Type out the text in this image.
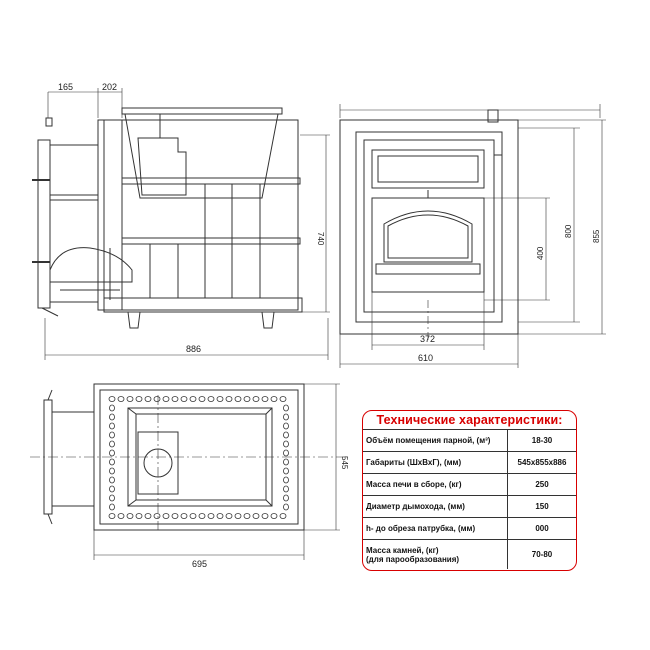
165	202
740
886
610
372
400
800 855
695
545
Технические характеристики:
Объём помещения парной, (м³)	18-30
Габариты (ШхВхГ), (мм)	545х855х886
Масса печи в сборе, (кг)	250
Диаметр дымохода, (мм)	150
h- до обреза патрубка, (мм)	000

Масса камней, (кг)
(для парообразования)	70-80
